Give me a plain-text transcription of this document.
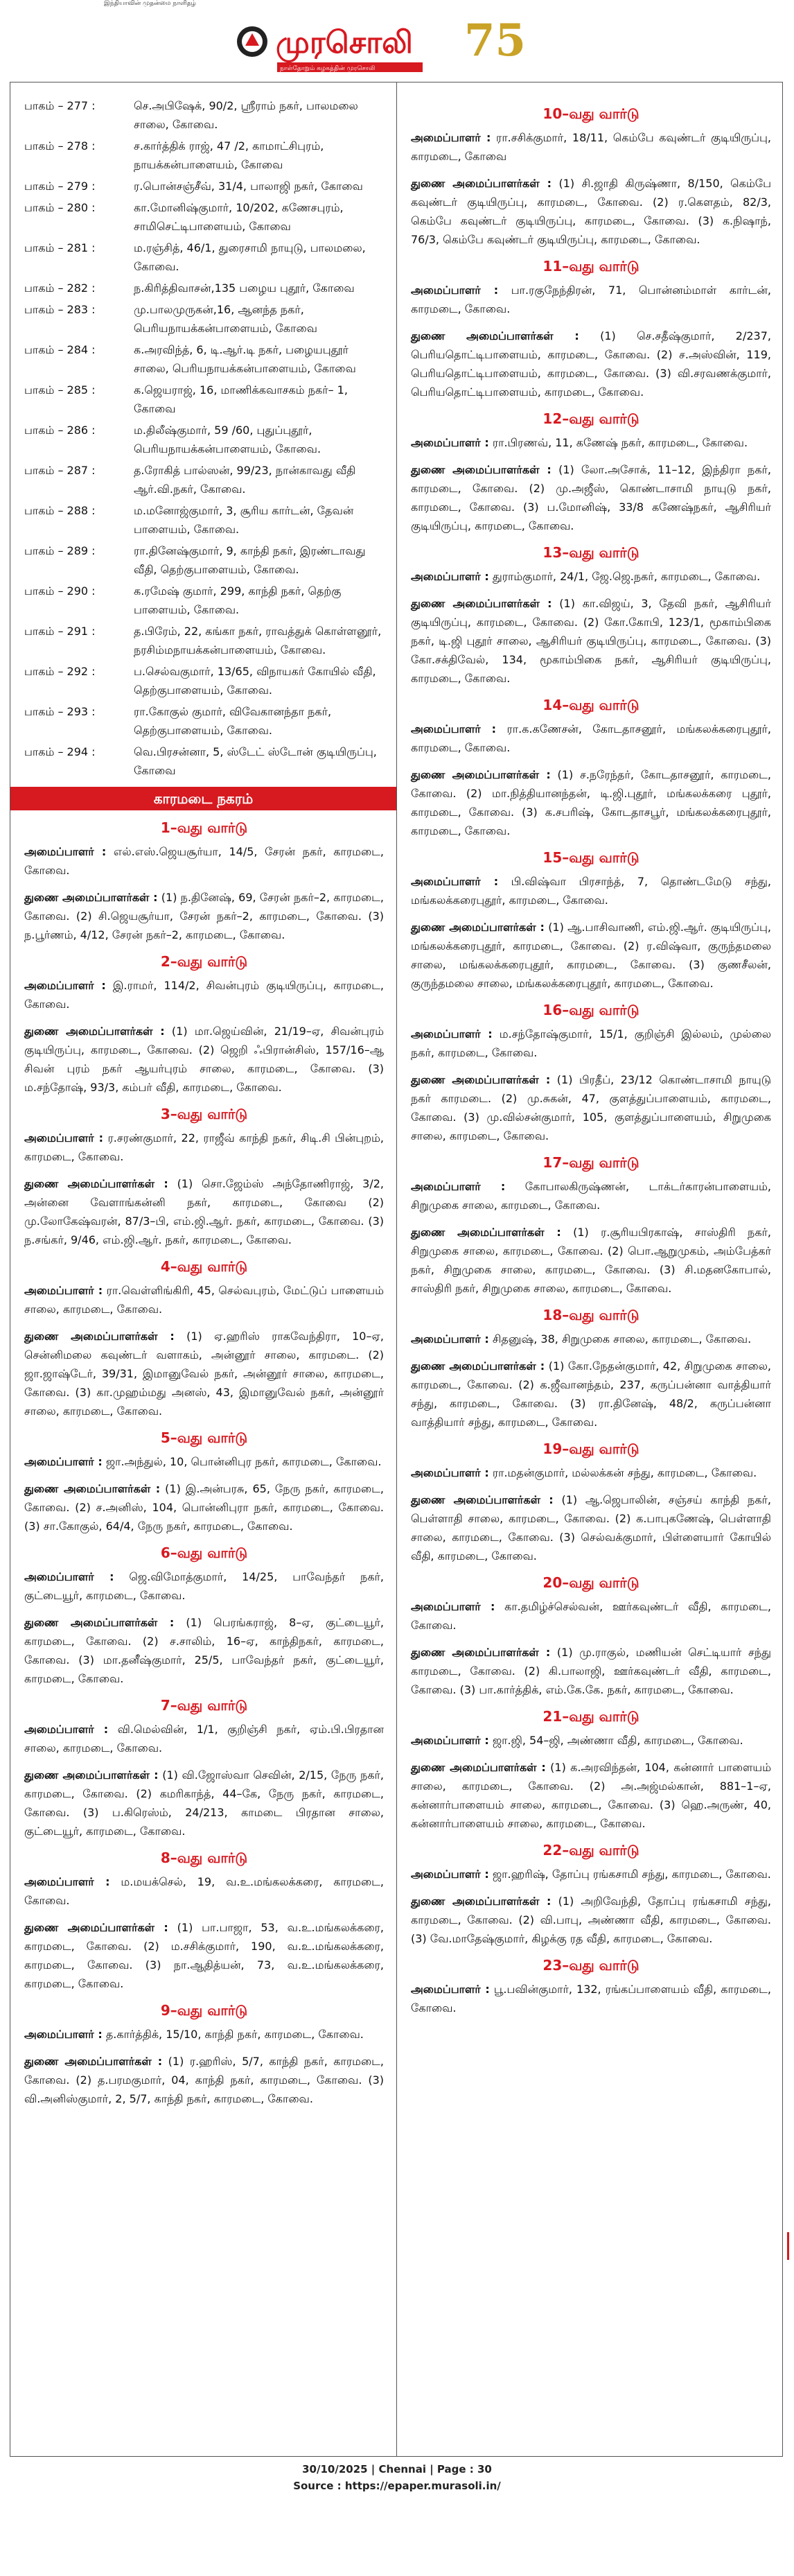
இந்தியாவின் முதன்மை நாளிதழ்
முரசொலி 75
நாள்தோறும் கழகத்தின் முரசொலி
பாகம் – 277 :	செ.அபிஷேக், 90/2, ஸ்ரீராம் நகர், பாலமலை சாலை, கோவை.
பாகம் – 278 :	ச.கார்த்திக் ராஜ், 47 /2, காமாட்சிபுரம், நாயக்கன்பாளையம், கோவை
பாகம் – 279 :	ர.பொன்சஞ்சீவ், 31/4, பாலாஜி நகர், கோவை
பாகம் – 280 :	கா.மோனிஷ்குமார், 10/202, கணேசபுரம், சாமிசெட்டிபாளையம், கோவை
பாகம் – 281 :	ம.ரஞ்சித், 46/1, துரைசாமி நாயுடு, பாலமலை, கோவை.
பாகம் – 282 :	ந.கிரித்திவாசன்,135 பழைய புதூர், கோவை
பாகம் – 283 :	மு.பாலமுருகன்,16, ஆனந்த நகர், பெரியநாயக்கன்பாளையம், கோவை
பாகம் – 284 :	க.அரவிந்த், 6, டி.ஆர்.டி நகர், பழையபுதூர் சாலை, பெரியநாயக்கன்பாளையம், கோவை
பாகம் – 285 :	க.ஜெயராஜ், 16, மாணிக்கவாசகம் நகர்– 1, கோவை
பாகம் – 286 :	ம.திலீஷ்குமார், 59 /60, புதுப்புதூர், பெரியநாயக்கன்பாளையம், கோவை.
பாகம் – 287 :	த.ரோகித் பால்ஸன், 99/23, நான்காவது வீதி ஆர்.வி.நகர், கோவை.
பாகம் – 288 :	ம.மனோஜ்குமார், 3, சூரிய கார்டன், தேவன் பாளையம், கோவை.
பாகம் – 289 :	ரா.தினேஷ்குமார், 9, காந்தி நகர், இரண்டாவது வீதி, தெற்குபாளையம், கோவை.
பாகம் – 290 :	க.ரமேஷ் குமார், 299, காந்தி நகர், தெற்கு பாளையம், கோவை.
பாகம் – 291 :	த.பிரேம், 22, கங்கா நகர், ராவத்துக் கொள்ளனூர், நரசிம்மநாயக்கன்பாளையம், கோவை.
பாகம் – 292 :	ப.செல்வகுமார், 13/65, விநாயகர் கோயில் வீதி, தெற்குபாளையம், கோவை.
பாகம் – 293 :	ரா.கோகுல் குமார், விவேகானந்தா நகர், தெற்குபாளையம், கோவை.
பாகம் – 294 :	வெ.பிரசன்னா, 5, ஸ்டேட் ஸ்டோன் குடியிருப்பு, கோவை
காரமடை நகரம்
1–வது வார்டு
அமைப்பாளர் : எல்.எஸ்.ஜெயசூர்யா, 14/5, சேரன் நகர், காரமடை, கோவை.
துணை அமைப்பாளர்கள் : (1) ந.தினேஷ், 69, சேரன் நகர்–2, காரமடை, கோவை. (2) சி.ஜெயசூர்யா, சேரன் நகர்–2, காரமடை, கோவை. (3) ந.பூர்ணம், 4/12, சேரன் நகர்–2, காரமடை, கோவை.
2–வது வார்டு
அமைப்பாளர் : இ.ராமர், 114/2, சிவன்புரம் குடியிருப்பு, காரமடை, கோவை.
துணை அமைப்பாளர்கள் : (1) மா.ஜெய்வின், 21/19–ஏ, சிவன்புரம் குடியிருப்பு, காரமடை, கோவை. (2) ஜெறி ஃபிரான்சிஸ், 157/16–ஆ சிவன் புரம் நகர் ஆயர்புரம் சாலை, காரமடை, கோவை. (3) ம.சந்தோஷ், 93/3, கம்பர் வீதி, காரமடை, கோவை.
3–வது வார்டு
அமைப்பாளர் : ர.சரண்குமார், 22, ராஜீவ் காந்தி நகர், சிடி.சி பின்புறம், காரமடை, கோவை.
துணை அமைப்பாளர்கள் : (1) சொ.ஜேம்ஸ் அந்தோணிராஜ், 3/2, அன்னை வேளாங்கன்னி நகர், காரமடை, கோவை (2) மு.லோகேஷ்வரன், 87/3–பி, எம்.ஜி.ஆர். நகர், காரமடை, கோவை. (3) ந.சங்கர், 9/46, எம்.ஜி.ஆர். நகர், காரமடை, கோவை.
4–வது வார்டு
அமைப்பாளர் : ரா.வெள்ளிங்கிரி, 45, செல்வபுரம், மேட்டுப் பாளையம் சாலை, காரமடை, கோவை.
துணை அமைப்பாளர்கள் : (1) ஏ.ஹரிஸ் ராகவேந்திரா, 10–ஏ, சென்னிமலை கவுண்டர் வளாகம், அன்னூர் சாலை, காரமடை. (2) ஜா.ஜாஷ்டேர், 39/31, இமானுவேல் நகர், அன்னூர் சாலை, காரமடை, கோவை. (3) கா.முஹம்மது அனஸ், 43, இமானுவேல் நகர், அன்னூர் சாலை, காரமடை, கோவை.
5–வது வார்டு
அமைப்பாளர் : ஜா.அந்துல், 10, பொன்னிபுர நகர், காரமடை, கோவை.
துணை அமைப்பாளர்கள் : (1) இ.அன்பரசு, 65, நேரு நகர், காரமடை, கோவை. (2) ச.அனிஸ், 104, பொன்னிபுரா நகர், காரமடை, கோவை. (3) சா.கோகுல், 64/4, நேரு நகர், காரமடை, கோவை.
6–வது வார்டு
அமைப்பாளர் : ஜெ.விமோத்குமார், 14/25, பாவேந்தர் நகர், குட்டையூர், காரமடை, கோவை.
துணை அமைப்பாளர்கள் : (1) பெரங்கராஜ், 8–ஏ, குட்டையூர், காரமடை, கோவை. (2) ச.சாலிம், 16–ஏ, காந்திநகர், காரமடை, கோவை. (3) மா.தனீஷ்குமார், 25/5, பாவேந்தர் நகர், குட்டையூர், காரமடை, கோவை.
7–வது வார்டு
அமைப்பாளர் : வி.மெல்வின், 1/1, குறிஞ்சி நகர், ஏம்.பி.பிரதான சாலை, காரமடை, கோவை.
துணை அமைப்பாளர்கள் : (1) வி.ஜோஸ்வா செவின், 2/15, நேரு நகர், காரமடை, கோவை. (2) கமரிகாந்த், 44–கே, நேரு நகர், காரமடை, கோவை. (3) ப.கிரெஸ்ம், 24/213, காமடை பிரதான சாலை, குட்டையூர், காரமடை, கோவை.
8–வது வார்டு
அமைப்பாளர் : ம.மயக்செல், 19, வ.உ.மங்கலக்கரை, காரமடை, கோவை.
துணை அமைப்பாளர்கள் : (1) பா.பாஜா, 53, வ.உ.மங்கலக்கரை, காரமடை, கோவை. (2) ம.சசிக்குமார், 190, வ.உ.மங்கலக்கரை, காரமடை, கோவை. (3) நா.ஆதித்யன், 73, வ.உ.மங்கலக்கரை, காரமடை, கோவை.
9–வது வார்டு
அமைப்பாளர் : த.கார்த்திக், 15/10, காந்தி நகர், காரமடை, கோவை.
துணை அமைப்பாளர்கள் : (1) ர.ஹரிஸ், 5/7, காந்தி நகர், காரமடை, கோவை. (2) த.பரமகுமார், 04, காந்தி நகர், காரமடை, கோவை. (3) வி.அனிஸ்குமார், 2, 5/7, காந்தி நகர், காரமடை, கோவை.
10–வது வார்டு
அமைப்பாளர் : ரா.சசிக்குமார், 18/11, கெம்பே கவுண்டர் குடியிருப்பு, காரமடை, கோவை
துணை அமைப்பாளர்கள் : (1) சி.ஜாதி கிருஷ்ணா, 8/150, கெம்பே கவுண்டர் குடியிருப்பு, காரமடை, கோவை. (2) ர.கௌதம், 82/3, கெம்பே கவுண்டர் குடியிருப்பு, காரமடை, கோவை. (3) க.நிஷாந், 76/3, கெம்பே கவுண்டர் குடியிருப்பு, காரமடை, கோவை.
11–வது வார்டு
அமைப்பாளர் : பா.ரகுநேந்திரன், 71, பொன்னம்மாள் கார்டன், காரமடை, கோவை.
துணை அமைப்பாளர்கள் : (1) செ.சதீஷ்குமார், 2/237, பெரியதொட்டிபாளையம், காரமடை, கோவை. (2) ச.அஸ்வின், 119, பெரியதொட்டிபாளையம், காரமடை, கோவை. (3) வி.சரவணக்குமார், பெரியதொட்டிபாளையம், காரமடை, கோவை.
12–வது வார்டு
அமைப்பாளர் : ரா.பிரணவ், 11, கணேஷ் நகர், காரமடை, கோவை.
துணை அமைப்பாளர்கள் : (1) லோ.அசோக், 11–12, இந்திரா நகர், காரமடை, கோவை. (2) மு.அஜீஸ், கொண்டாசாமி நாயுடு நகர், காரமடை, கோவை. (3) ப.மோனிஷ், 33/8 கணேஷ்நகர், ஆசிரியர் குடியிருப்பு, காரமடை, கோவை.
13–வது வார்டு
அமைப்பாளர் : துராம்குமார், 24/1, ஜே.ஜெ.நகர், காரமடை, கோவை.
துணை அமைப்பாளர்கள் : (1) கா.விஜய், 3, தேவி நகர், ஆசிரியர் குடியிருப்பு, காரமடை, கோவை. (2) கோ.கோபி, 123/1, மூகாம்பிகை நகர், டி.ஜி புதூர் சாலை, ஆசிரியர் குடியிருப்பு, காரமடை, கோவை. (3) கோ.சக்திவேல், 134, மூகாம்பிகை நகர், ஆசிரியர் குடியிருப்பு, காரமடை, கோவை.
14–வது வார்டு
அமைப்பாளர் : ரா.க.கணேசன், கோடதாசனூர், மங்கலக்கரைபுதூர், காரமடை, கோவை.
துணை அமைப்பாளர்கள் : (1) ச.நரேந்தர், கோடதாசனூர், காரமடை, கோவை. (2) மா.நித்தியானந்தன், டி.ஜி.புதூர், மங்கலக்கரை புதூர், காரமடை, கோவை. (3) க.சபரிஷ், கோடதாசபூர், மங்கலக்கரைபுதூர், காரமடை, கோவை.
15–வது வார்டு
அமைப்பாளர் : பி.விஷ்வா பிரசாந்த், 7, தொண்டமேடு சந்து, மங்கலக்கரைபுதூர், காரமடை, கோவை.
துணை அமைப்பாளர்கள் : (1) ஆ.பாசிவாணி, எம்.ஜி.ஆர். குடியிருப்பு, மங்கலக்கரைபுதூர், காரமடை, கோவை. (2) ர.விஷ்வா, குருந்தமலை சாலை, மங்கலக்கரைபுதூர், காரமடை, கோவை. (3) குணசீலன், குருந்தமலை சாலை, மங்கலக்கரைபுதூர், காரமடை, கோவை.
16–வது வார்டு
அமைப்பாளர் : ம.சந்தோஷ்குமார், 15/1, குறிஞ்சி இல்லம், முல்லை நகர், காரமடை, கோவை.
துணை அமைப்பாளர்கள் : (1) பிரதீப், 23/12 கொண்டாசாமி நாயுடு நகர் காரமடை. (2) மு.சுகன், 47, குளத்துப்பாளையம், காரமடை, கோவை. (3) மு.வில்சன்குமார், 105, குளத்துப்பாளையம், சிறுமுகை சாலை, காரமடை, கோவை.
17–வது வார்டு
அமைப்பாளர் : கோபாலகிருஷ்ணன், டாக்டர்காரன்பாளையம், சிறுமுகை சாலை, காரமடை, கோவை.
துணை அமைப்பாளர்கள் : (1) ர.சூரியபிரகாஷ், சாஸ்திரி நகர், சிறுமுகை சாலை, காரமடை, கோவை. (2) பொ.ஆறுமுகம், அம்பேத்கர் நகர், சிறுமுகை சாலை, காரமடை, கோவை. (3) சி.மதனகோபால், சாஸ்திரி நகர், சிறுமுகை சாலை, காரமடை, கோவை.
18–வது வார்டு
அமைப்பாளர் : சிதனுஷ், 38, சிறுமுகை சாலை, காரமடை, கோவை.
துணை அமைப்பாளர்கள் : (1) கோ.நேதன்குமார், 42, சிறுமுகை சாலை, காரமடை, கோவை. (2) க.ஜீவானந்தம், 237, கருப்பன்னா வாத்தியார் சந்து, காரமடை, கோவை. (3) ரா.தினேஷ், 48/2, கருப்பன்னா வாத்தியார் சந்து, காரமடை, கோவை.
19–வது வார்டு
அமைப்பாளர் : ரா.மதன்குமார், மல்லக்கன் சந்து, காரமடை, கோவை.
துணை அமைப்பாளர்கள் : (1) ஆ.ஜெபாலின், சஞ்சய் காந்தி நகர், பெள்ளாதி சாலை, காரமடை, கோவை. (2) க.பாபுகணேஷ், பெள்ளாதி சாலை, காரமடை, கோவை. (3) செல்வக்குமார், பிள்ளையார் கோயில் வீதி, காரமடை, கோவை.
20–வது வார்டு
அமைப்பாளர் : கா.தமிழ்ச்செல்வன், ஊர்கவுண்டர் வீதி, காரமடை, கோவை.
துணை அமைப்பாளர்கள் : (1) மு.ராகுல், மணியன் செட்டியார் சந்து காரமடை, கோவை. (2) கி.பாலாஜி, ஊர்கவுண்டர் வீதி, காரமடை, கோவை. (3) பா.கார்த்திக், எம்.கே.கே. நகர், காரமடை, கோவை.
21–வது வார்டு
அமைப்பாளர் : ஜா.ஜி, 54–ஜி, அண்ணா வீதி, காரமடை, கோவை.
துணை அமைப்பாளர்கள் : (1) க.அரவிந்தன், 104, கன்னார் பாளையம் சாலை, காரமடை, கோவை. (2) அ.அஜ்மல்கான், 881–1–ஏ, கன்னார்பாளையம் சாலை, காரமடை, கோவை. (3) ஹெ.அருண், 40, கன்னார்பாளையம் சாலை, காரமடை, கோவை.
22–வது வார்டு
அமைப்பாளர் : ஜா.ஹரிஷ், தோப்பு ரங்கசாமி சந்து, காரமடை, கோவை.
துணை அமைப்பாளர்கள் : (1) அறிவேந்தி, தோப்பு ரங்கசாமி சந்து, காரமடை, கோவை. (2) வி.பாபு, அண்ணா வீதி, காரமடை, கோவை. (3) வே.மாதேஷ்குமார், கிழக்கு ரத வீதி, காரமடை, கோவை.
23–வது வார்டு
அமைப்பாளர் : பூ.பவின்குமார், 132, ரங்கப்பாளையம் வீதி, காரமடை, கோவை.
30/10/2025 | Chennai | Page : 30
Source : https://epaper.murasoli.in/
